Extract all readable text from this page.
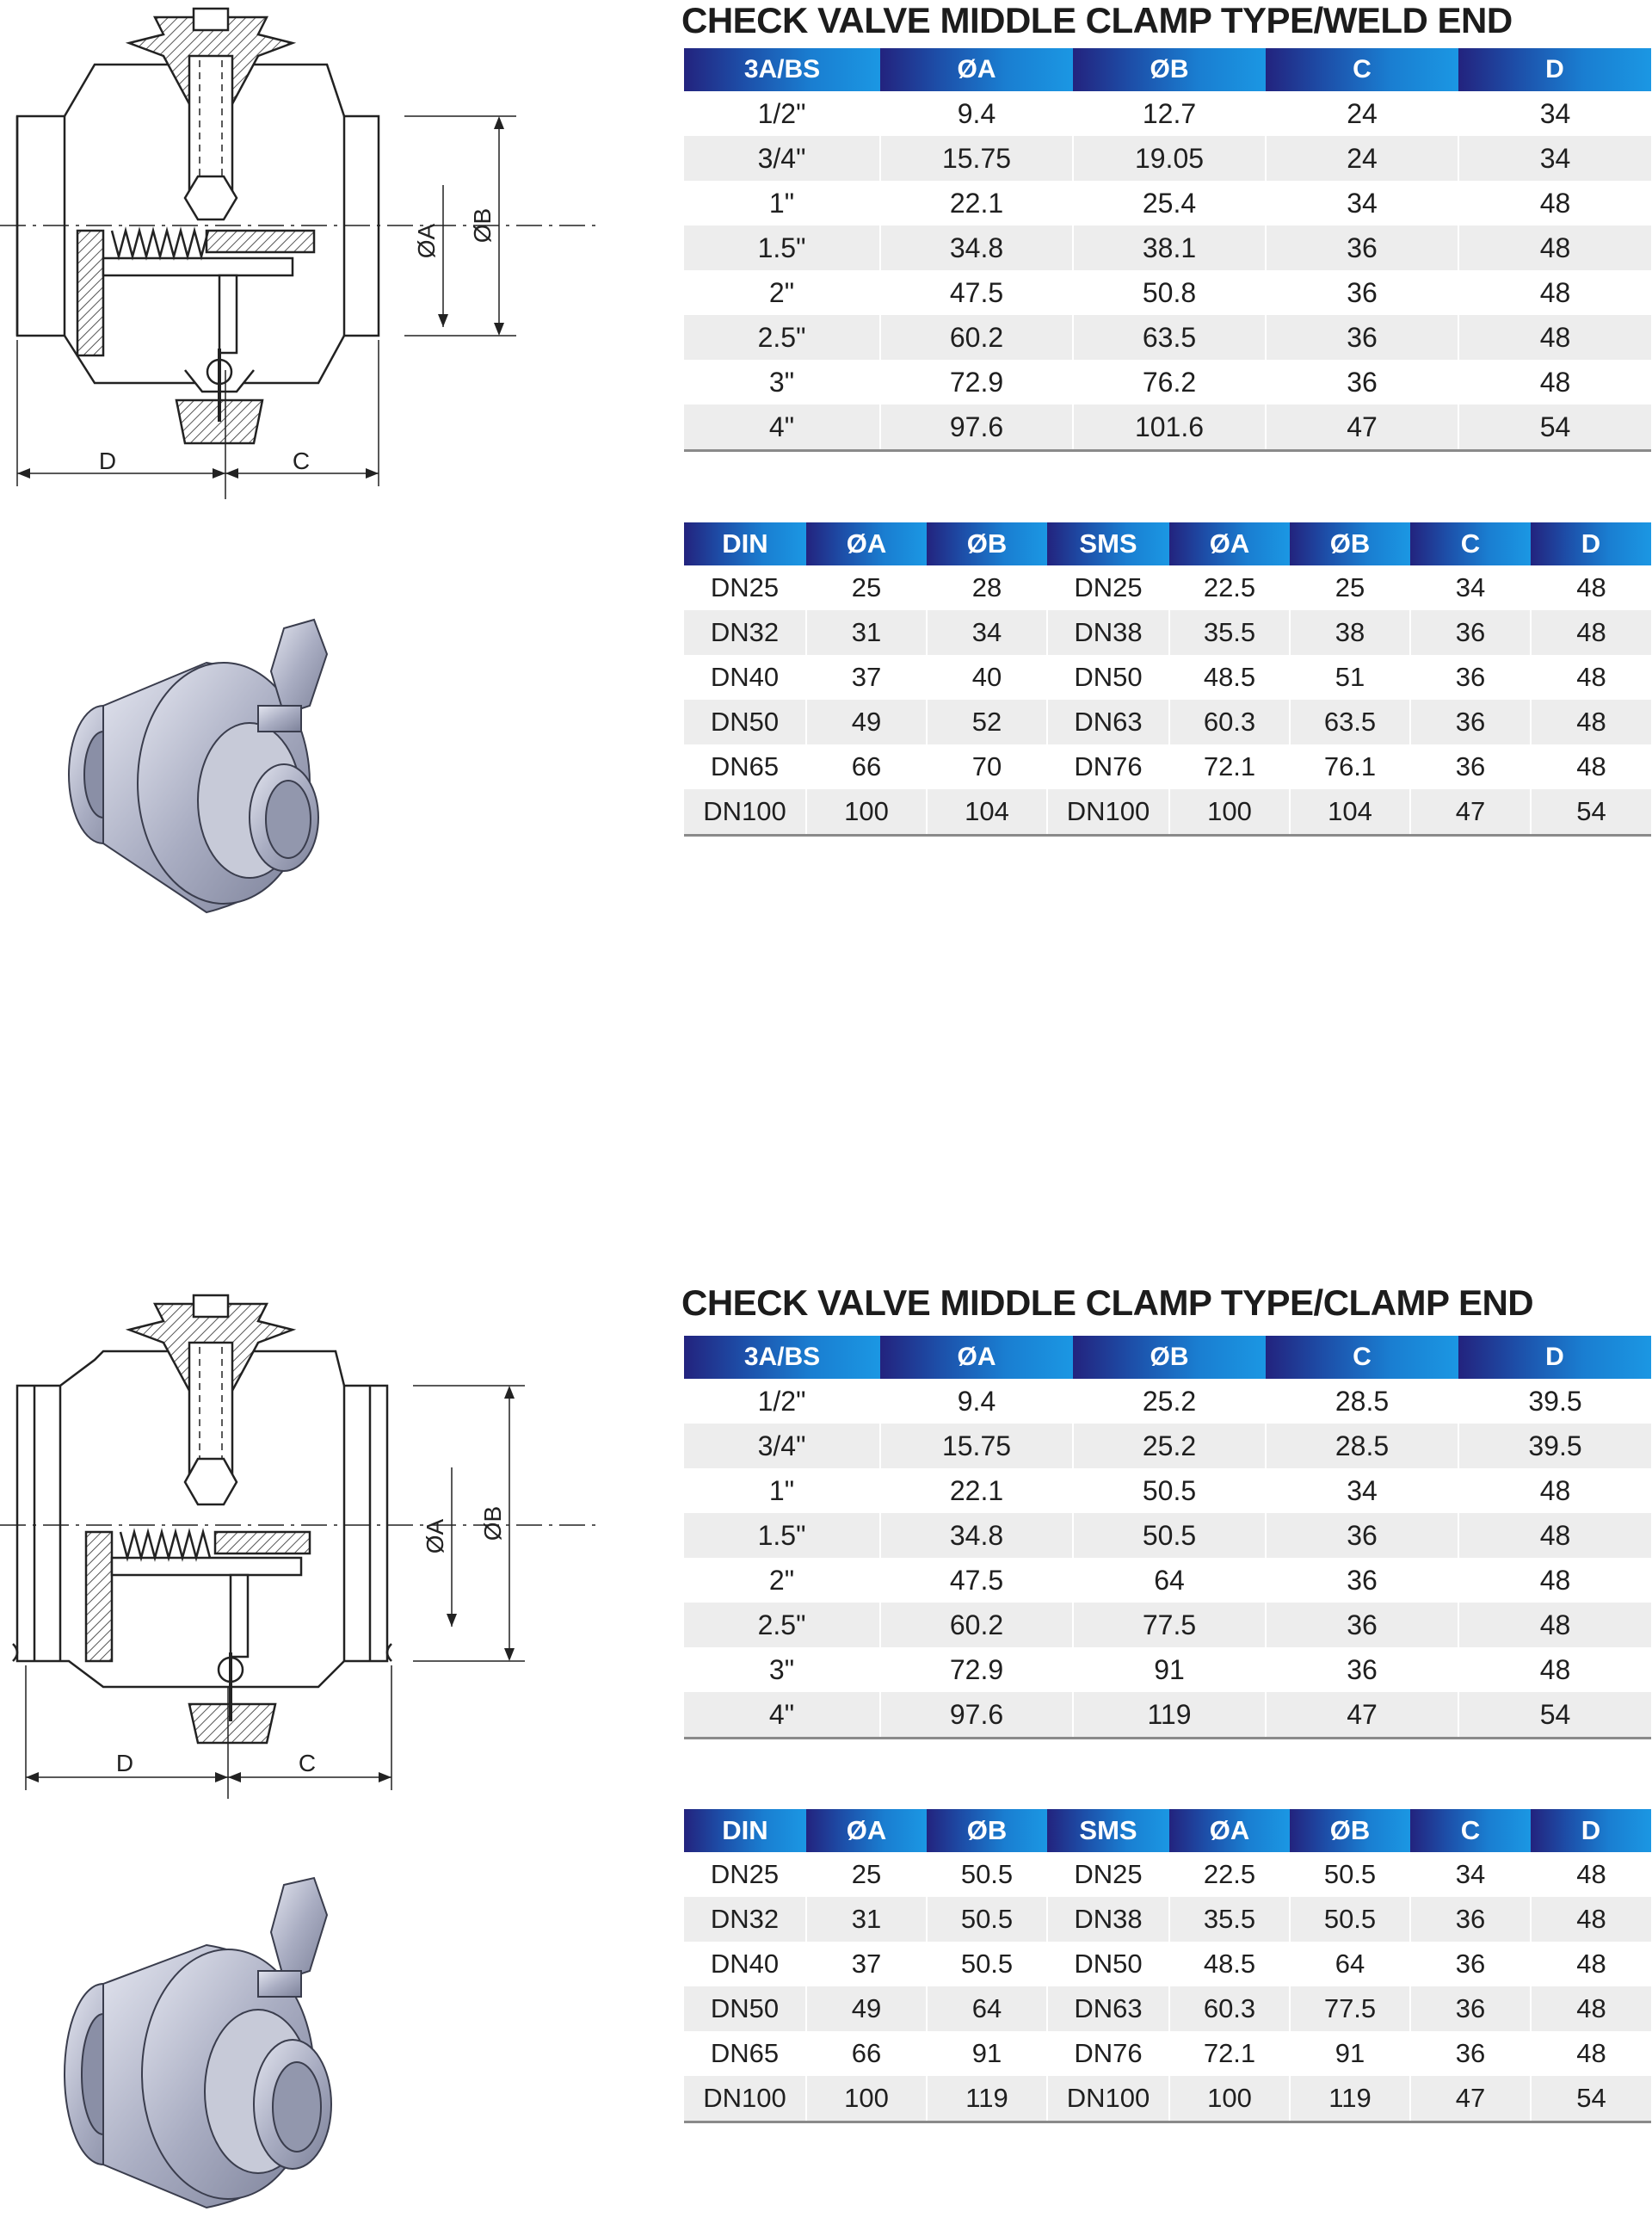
ØA ØB
D	C
CHECK VALVE MIDDLE CLAMP TYPE/WELD END
3A/BS	ØA	ØB	C	D
1/2"	9.4	12.7	24	34
3/4"	15.75	19.05	24	34
1"	22.1	25.4	34	48
1.5"	34.8	38.1	36	48
2"	47.5	50.8	36	48
2.5"	60.2	63.5	36	48
3"	72.9	76.2	36	48
4"	97.6	101.6	47	54
DIN	ØA	ØB	SMS	ØA	ØB	C	D
DN25	25	28	DN25	22.5	25	34	48
DN32	31	34	DN38	35.5	38	36	48
DN40	37	40	DN50	48.5	51	36	48
DN50	49	52	DN63	60.3	63.5	36	48
DN65	66	70	DN76	72.1	76.1	36	48
DN100	100	104	DN100	100	104	47	54
ØA ØB
D	C
CHECK VALVE MIDDLE CLAMP TYPE/CLAMP END
3A/BS	ØA	ØB	C	D
1/2"	9.4	25.2	28.5	39.5
3/4"	15.75	25.2	28.5	39.5
1"	22.1	50.5	34	48
1.5"	34.8	50.5	36	48
2"	47.5	64	36	48
2.5"	60.2	77.5	36	48
3"	72.9	91	36	48
4"	97.6	119	47	54
DIN	ØA	ØB	SMS	ØA	ØB	C	D
DN25	25	50.5	DN25	22.5	50.5	34	48
DN32	31	50.5	DN38	35.5	50.5	36	48
DN40	37	50.5	DN50	48.5	64	36	48
DN50	49	64	DN63	60.3	77.5	36	48
DN65	66	91	DN76	72.1	91	36	48
DN100	100	119	DN100	100	119	47	54
